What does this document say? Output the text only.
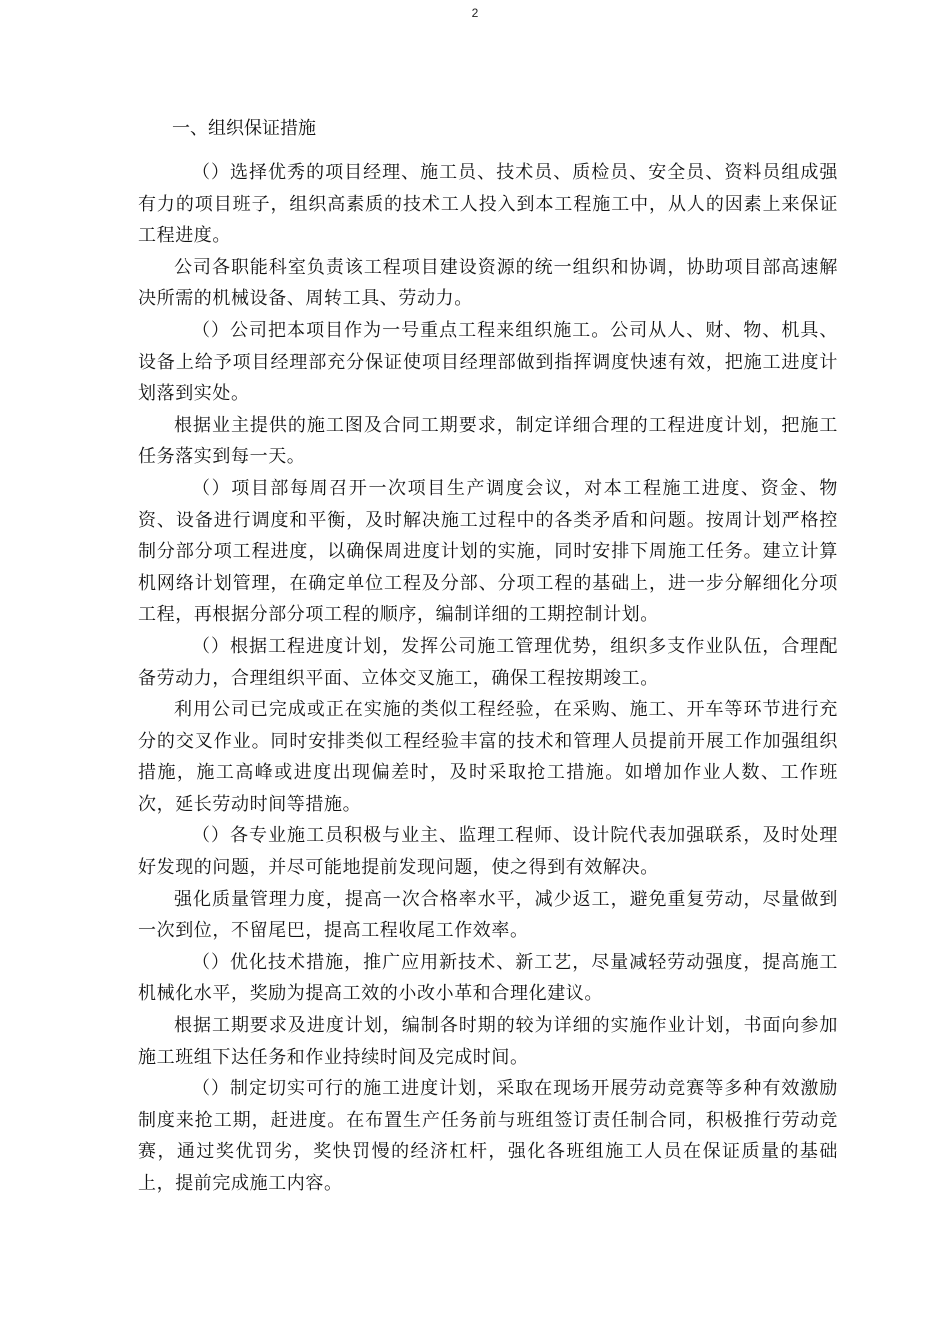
2
一、组织保证措施

（）选择优秀的项目经理、施工员、技术员、质检员、安全员、资料员组成强有力的项目班子，组织高素质的技术工人投入到本工程施工中，从人的因素上来保证工程进度。

公司各职能科室负责该工程项目建设资源的统一组织和协调，协助项目部高速解决所需的机械设备、周转工具、劳动力。

（）公司把本项目作为一号重点工程来组织施工。公司从人、财、物、机具、设备上给予项目经理部充分保证使项目经理部做到指挥调度快速有效，把施工进度计划落到实处。

根据业主提供的施工图及合同工期要求，制定详细合理的工程进度计划，把施工任务落实到每一天。

（）项目部每周召开一次项目生产调度会议，对本工程施工进度、资金、物资、设备进行调度和平衡，及时解决施工过程中的各类矛盾和问题。按周计划严格控制分部分项工程进度，以确保周进度计划的实施，同时安排下周施工任务。建立计算机网络计划管理，在确定单位工程及分部、分项工程的基础上，进一步分解细化分项工程，再根据分部分项工程的顺序，编制详细的工期控制计划。

（）根据工程进度计划，发挥公司施工管理优势，组织多支作业队伍，合理配备劳动力，合理组织平面、立体交叉施工，确保工程按期竣工。

利用公司已完成或正在实施的类似工程经验，在采购、施工、开车等环节进行充分的交叉作业。同时安排类似工程经验丰富的技术和管理人员提前开展工作加强组织措施，施工高峰或进度出现偏差时，及时采取抢工措施。如增加作业人数、工作班次，延长劳动时间等措施。

（）各专业施工员积极与业主、监理工程师、设计院代表加强联系，及时处理好发现的问题，并尽可能地提前发现问题，使之得到有效解决。

强化质量管理力度，提高一次合格率水平，减少返工，避免重复劳动，尽量做到一次到位，不留尾巴，提高工程收尾工作效率。

（）优化技术措施，推广应用新技术、新工艺，尽量减轻劳动强度，提高施工机械化水平，奖励为提高工效的小改小革和合理化建议。

根据工期要求及进度计划，编制各时期的较为详细的实施作业计划，书面向参加施工班组下达任务和作业持续时间及完成时间。

（）制定切实可行的施工进度计划，采取在现场开展劳动竞赛等多种有效激励制度来抢工期，赶进度。在布置生产任务前与班组签订责任制合同，积极推行劳动竞赛，通过奖优罚劣，奖快罚慢的经济杠杆，强化各班组施工人员在保证质量的基础上，提前完成施工内容。
